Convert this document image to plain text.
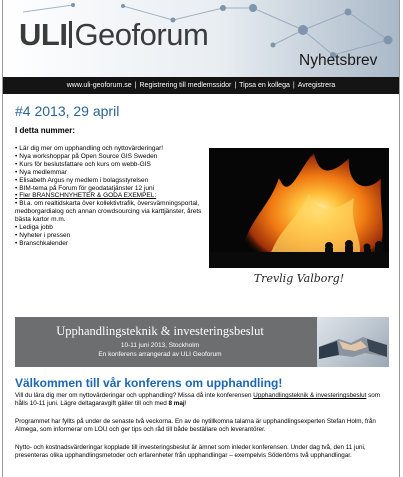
ULI Geoforum
Nyhetsbrev
www.uli-geoforum.se | Registrering till medlemssidor | Tipsa en kollega | Avregistrera
#4 2013, 29 april
I detta nummer:
• Lär dig mer om upphandling och nyttovärderingar!
• Nya workshoppar på Open Source GIS Sweden
• Kurs för beslutsfattare och kurs om webb-GIS
• Nya medlemmar
• Elisabeth Argus ny medlem i bolagsstyrelsen
• BIM-tema på Forum för geodatatjänster 12 juni
• Fler BRANSCHNYHETER & GODA EXEMPEL:
• Bl.a. om realtidskarta över kollektivtrafik, översvämningsportal, medborgardialog och annan crowdsourcing via karttjänster, årets bästa kartor m.m.
• Lediga jobb
• Nyheter i pressen
• Branschkalender
Trevlig Valborg!
Upphandlingsteknik & investeringsbeslut
10-11 juni 2013, Stockholm
En konferens arrangerad av ULI Geoforum
Välkommen till vår konferens om upphandling!
Vill du lära dig mer om nyttovärderingar och upphandling? Missa då inte konferensen Upphandlingsteknik & investeringsbeslut som hålls 10-11 juni. Lägre deltagaravgift gäller till och med 8 maj!
Programmet har fyllts på under de senaste två veckorna. En av de nytillkomna talarna är upphandlingsexperten Stefan Holm, från Almega, som informerar om LOU och ger tips och råd till både beställare och leverantörer.
Nytto- och kostnadsvärderingar kopplade till investeringsbeslut är ämnet som inleder konferensen. Under dag två, den 11 juni, presenteras olika upphandlingsmetoder och erfarenheter från upphandlingar – exempelvis Södertörns två upphandlingar.
